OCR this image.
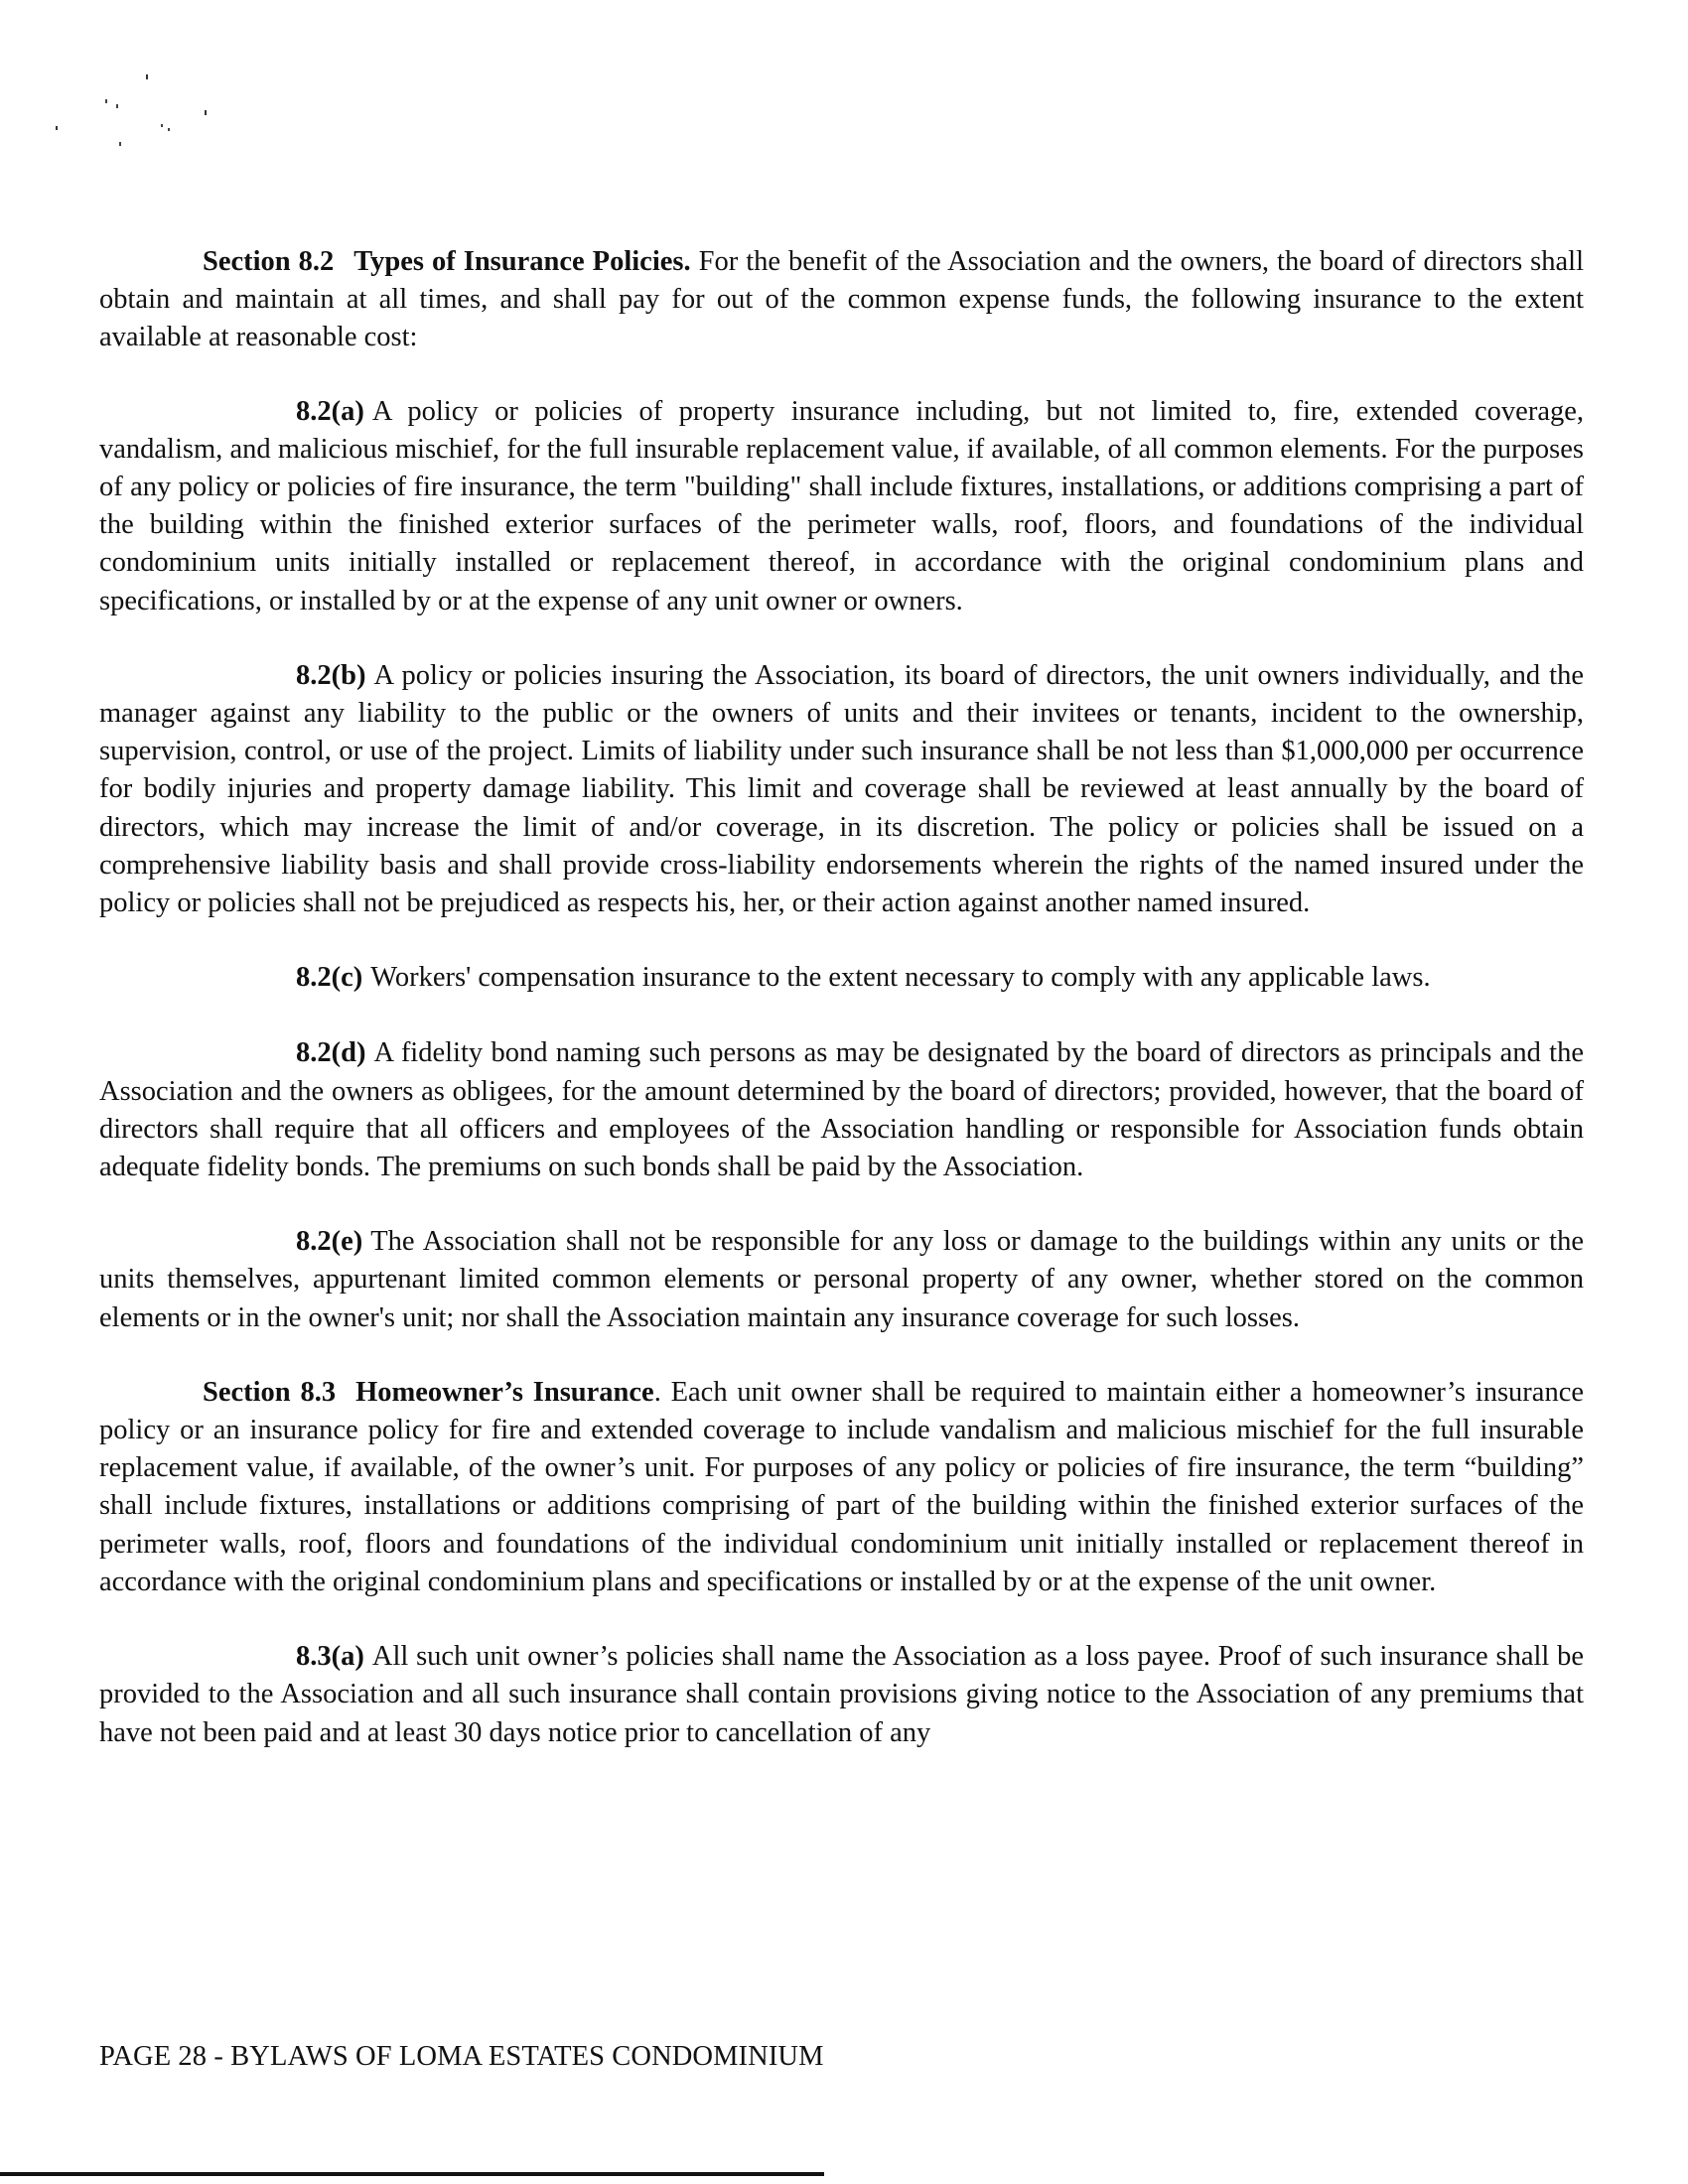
Section 8.2 Types of Insurance Policies. For the benefit of the Association and the owners, the board of directors shall obtain and maintain at all times, and shall pay for out of the common expense funds, the following insurance to the extent available at reasonable cost:

8.2(a) A policy or policies of property insurance including, but not limited to, fire, extended coverage, vandalism, and malicious mischief, for the full insurable replacement value, if available, of all common elements. For the purposes of any policy or policies of fire insurance, the term "building" shall include fixtures, installations, or additions comprising a part of the building within the finished exterior surfaces of the perimeter walls, roof, floors, and foundations of the individual condominium units initially installed or replacement thereof, in accordance with the original condominium plans and specifications, or installed by or at the expense of any unit owner or owners.

8.2(b) A policy or policies insuring the Association, its board of directors, the unit owners individually, and the manager against any liability to the public or the owners of units and their invitees or tenants, incident to the ownership, supervision, control, or use of the project. Limits of liability under such insurance shall be not less than $1,000,000 per occurrence for bodily injuries and property damage liability. This limit and coverage shall be reviewed at least annually by the board of directors, which may increase the limit of and/or coverage, in its discretion. The policy or policies shall be issued on a comprehensive liability basis and shall provide cross-liability endorsements wherein the rights of the named insured under the policy or policies shall not be prejudiced as respects his, her, or their action against another named insured.

8.2(c) Workers' compensation insurance to the extent necessary to comply with any applicable laws.

8.2(d) A fidelity bond naming such persons as may be designated by the board of directors as principals and the Association and the owners as obligees, for the amount determined by the board of directors; provided, however, that the board of directors shall require that all officers and employees of the Association handling or responsible for Association funds obtain adequate fidelity bonds. The premiums on such bonds shall be paid by the Association.

8.2(e) The Association shall not be responsible for any loss or damage to the buildings within any units or the units themselves, appurtenant limited common elements or personal property of any owner, whether stored on the common elements or in the owner's unit; nor shall the Association maintain any insurance coverage for such losses.

Section 8.3 Homeowner’s Insurance. Each unit owner shall be required to maintain either a homeowner’s insurance policy or an insurance policy for fire and extended coverage to include vandalism and malicious mischief for the full insurable replacement value, if available, of the owner’s unit. For purposes of any policy or policies of fire insurance, the term “building” shall include fixtures, installations or additions comprising of part of the building within the finished exterior surfaces of the perimeter walls, roof, floors and foundations of the individual condominium unit initially installed or replacement thereof in accordance with the original condominium plans and specifications or installed by or at the expense of the unit owner.

8.3(a) All such unit owner’s policies shall name the Association as a loss payee. Proof of such insurance shall be provided to the Association and all such insurance shall contain provisions giving notice to the Association of any premiums that have not been paid and at least 30 days notice prior to cancellation of any

PAGE 28 - BYLAWS OF LOMA ESTATES CONDOMINIUM
